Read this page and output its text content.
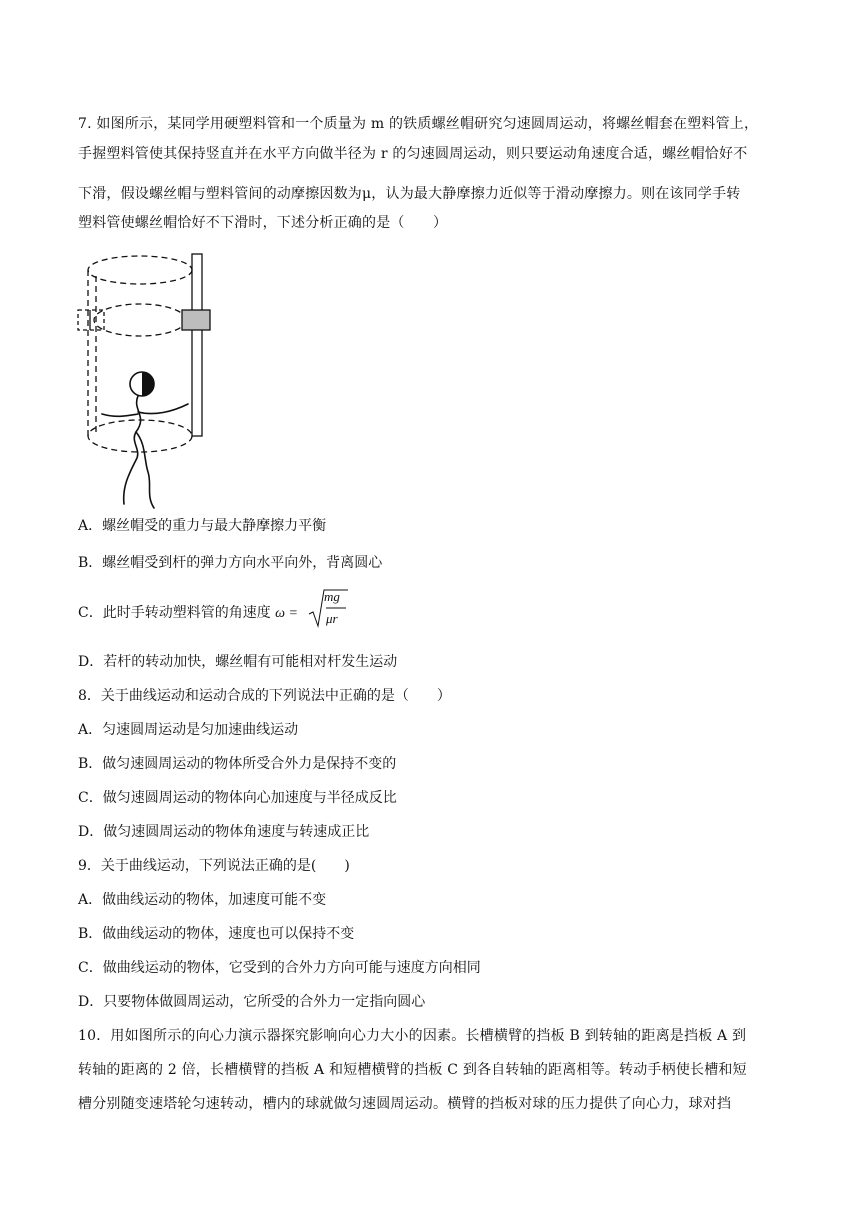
7. 如图所示，某同学用硬塑料管和一个质量为 m 的铁质螺丝帽研究匀速圆周运动，将螺丝帽套在塑料管上，
手握塑料管使其保持竖直并在水平方向做半径为 r 的匀速圆周运动，则只要运动角速度合适，螺丝帽恰好不
下滑，假设螺丝帽与塑料管间的动摩擦因数为μ，认为最大静摩擦力近似等于滑动摩擦力。则在该同学手转
塑料管使螺丝帽恰好不下滑时，下述分析正确的是（　　）
A．螺丝帽受的重力与最大静摩擦力平衡
B．螺丝帽受到杆的弹力方向水平向外，背离圆心
C．此时手转动塑料管的角速度 ω =
mg
μr
D．若杆的转动加快，螺丝帽有可能相对杆发生运动
8．关于曲线运动和运动合成的下列说法中正确的是（　　）
A．匀速圆周运动是匀加速曲线运动
B．做匀速圆周运动的物体所受合外力是保持不变的
C．做匀速圆周运动的物体向心加速度与半径成反比
D．做匀速圆周运动的物体角速度与转速成正比
9．关于曲线运动，下列说法正确的是(　　)
A．做曲线运动的物体，加速度可能不变
B．做曲线运动的物体，速度也可以保持不变
C．做曲线运动的物体，它受到的合外力方向可能与速度方向相同
D．只要物体做圆周运动，它所受的合外力一定指向圆心
10．用如图所示的向心力演示器探究影响向心力大小的因素。长槽横臂的挡板 B 到转轴的距离是挡板 A 到
转轴的距离的 2 倍，长槽横臂的挡板 A 和短槽横臂的挡板 C 到各自转轴的距离相等。转动手柄使长槽和短
槽分别随变速塔轮匀速转动，槽内的球就做匀速圆周运动。横臂的挡板对球的压力提供了向心力，球对挡
